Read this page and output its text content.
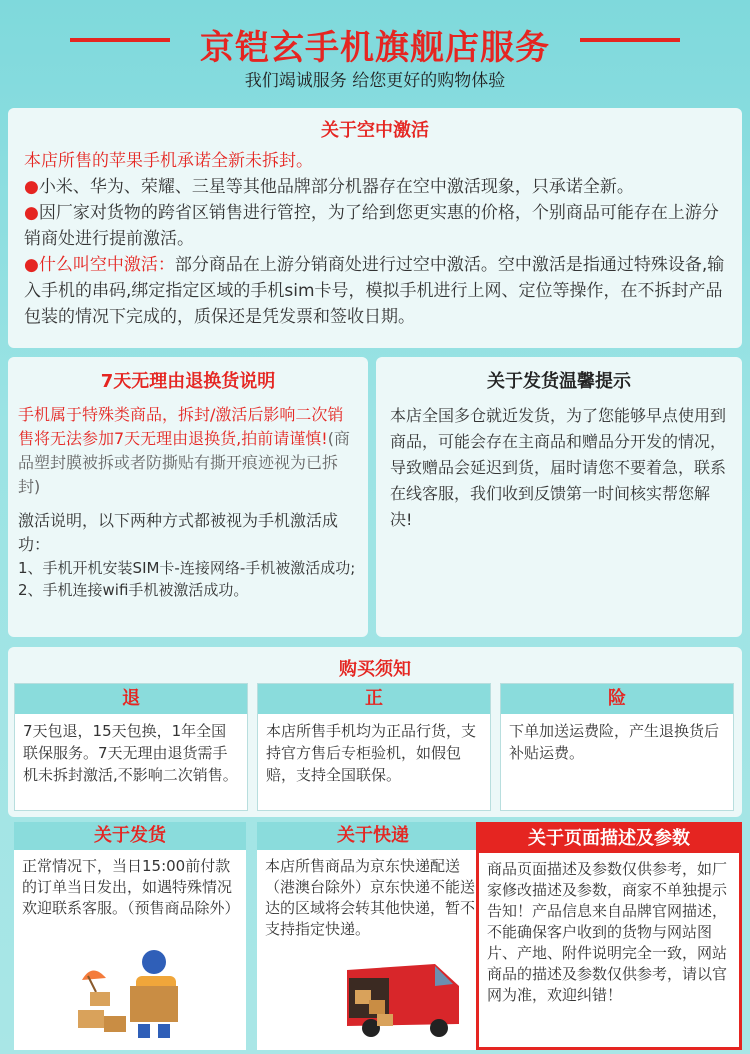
京铠玄手机旗舰店服务
我们竭诚服务 给您更好的购物体验
关于空中激活
本店所售的苹果手机承诺全新未拆封。
●小米、华为、荣耀、三星等其他品牌部分机器存在空中激活现象，只承诺全新。
●因厂家对货物的跨省区销售进行管控，为了给到您更实惠的价格，个别商品可能存在上游分销商处进行提前激活。
●什么叫空中激活：部分商品在上游分销商处进行过空中激活。空中激活是指通过特殊设备,输入手机的串码,绑定指定区域的手机sim卡号，模拟手机进行上网、定位等操作，在不拆封产品包装的情况下完成的，质保还是凭发票和签收日期。
7天无理由退换货说明
手机属于特殊类商品，拆封/激活后影响二次销售将无法参加7天无理由退换货,拍前请谨慎!(商品塑封膜被拆或者防撕贴有撕开痕迹视为已拆封)
激活说明，以下两种方式都被视为手机激活成功：
1、手机开机安装SIM卡-连接网络-手机被激活成功;
2、手机连接wifi手机被激活成功。
关于发货温馨提示
本店全国多仓就近发货，为了您能够早点使用到商品，可能会存在主商品和赠品分开发的情况，导致赠品会延迟到货，届时请您不要着急，联系在线客服，我们收到反馈第一时间核实帮您解决!
购买须知
退
7天包退，15天包换，1年全国联保服务。7天无理由退货需手机未拆封激活,不影响二次销售。
正
本店所售手机均为正品行货，支持官方售后专柜验机，如假包赔，支持全国联保。
险
下单加送运费险，产生退换货后补贴运费。
关于发货
正常情况下，当日15:00前付款的订单当日发出，如遇特殊情况欢迎联系客服。（预售商品除外）
关于快递
本店所售商品为京东快递配送（港澳台除外）京东快递不能送达的区域将会转其他快递，暂不支持指定快递。
关于页面描述及参数
商品页面描述及参数仅供参考，如厂家修改描述及参数，商家不单独提示告知！产品信息来自品牌官网描述，不能确保客户收到的货物与网站图片、产地、附件说明完全一致，网站商品的描述及参数仅供参考，请以官网为准，欢迎纠错！
